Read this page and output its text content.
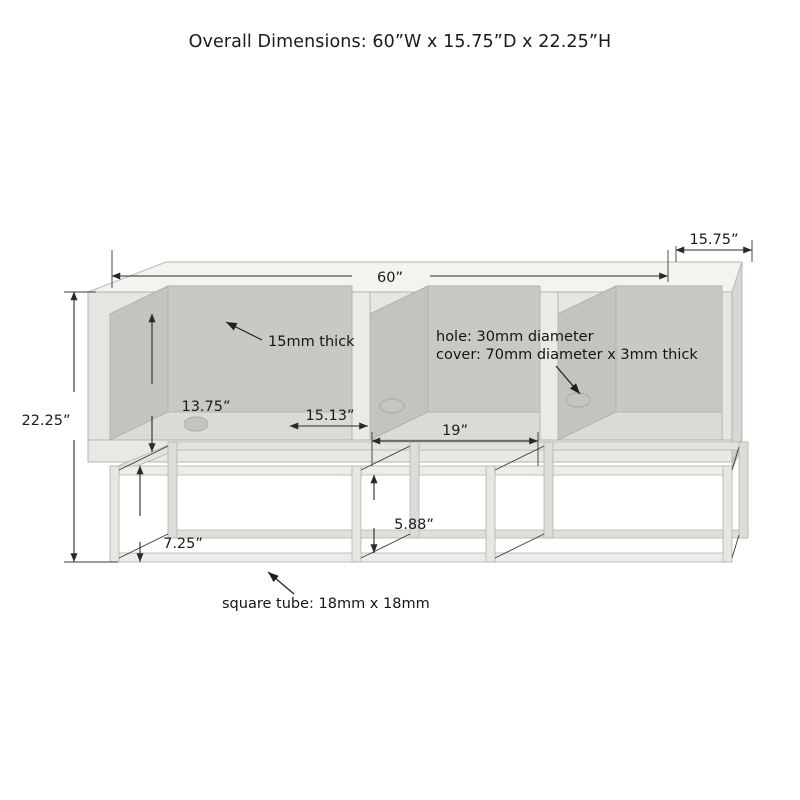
Overall Dimensions: 60”W x 15.75”D x 22.25”H
60”
15.75”
22.25”
13.75”
15.13”
19”
7.25”
5.88”
15mm thick	hole: 30mm diameter
cover: 70mm diameter x 3mm thick
square tube: 18mm x 18mm
